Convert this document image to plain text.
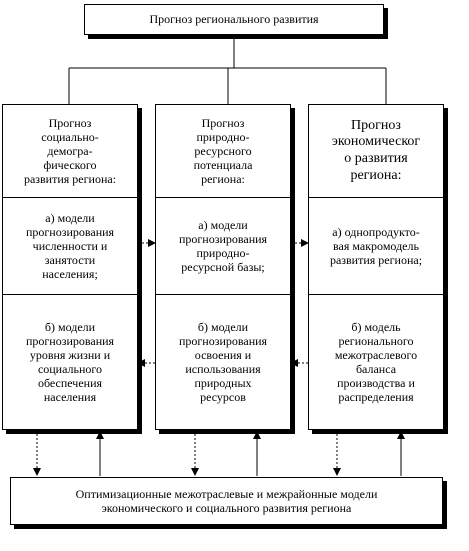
Прогноз регионального развития
Прогноз
социально-
демогра-
фического
развития региона:
а) модели
прогнозирования
численности и
занятости
населения;
б) модели
прогнозирования
уровня жизни и
социального
обеспечения
населения
Прогноз
природно-
ресурсного
потенциала
региона:
а) модели
прогнозирования
природно-
ресурсной базы;
б) модели
прогнозирования
освоения и
использования
природных
ресурсов
Прогноз
экономическог
о развития
региона:
а) однопродукто-
вая макромодель
развития региона;
б) модель
регионального
межотраслевого
баланса
производства и
распределения
Оптимизационные межотраслевые и межрайонные модели
экономического и социального развития региона
